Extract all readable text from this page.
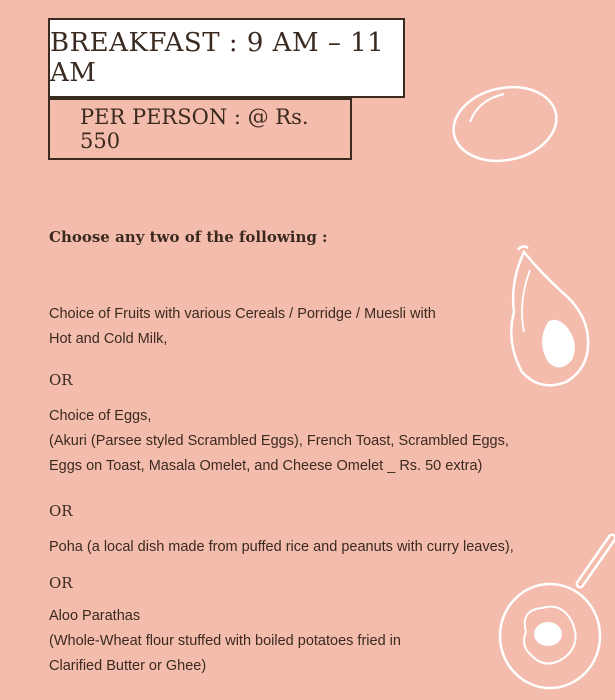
BREAKFAST : 9 AM – 11 AM
PER PERSON : @ Rs. 550
Choose any two of the following :
Choice of Fruits with various Cereals / Porridge / Muesli with
Hot and Cold Milk,
OR
Choice of Eggs,
(Akuri (Parsee styled Scrambled Eggs), French Toast, Scrambled Eggs,
Eggs on Toast, Masala Omelet, and Cheese Omelet _ Rs. 50 extra)
OR
Poha (a local dish made from puffed rice and peanuts with curry leaves),
OR
Aloo Parathas
(Whole-Wheat flour stuffed with boiled potatoes fried in
Clarified Butter or Ghee)
